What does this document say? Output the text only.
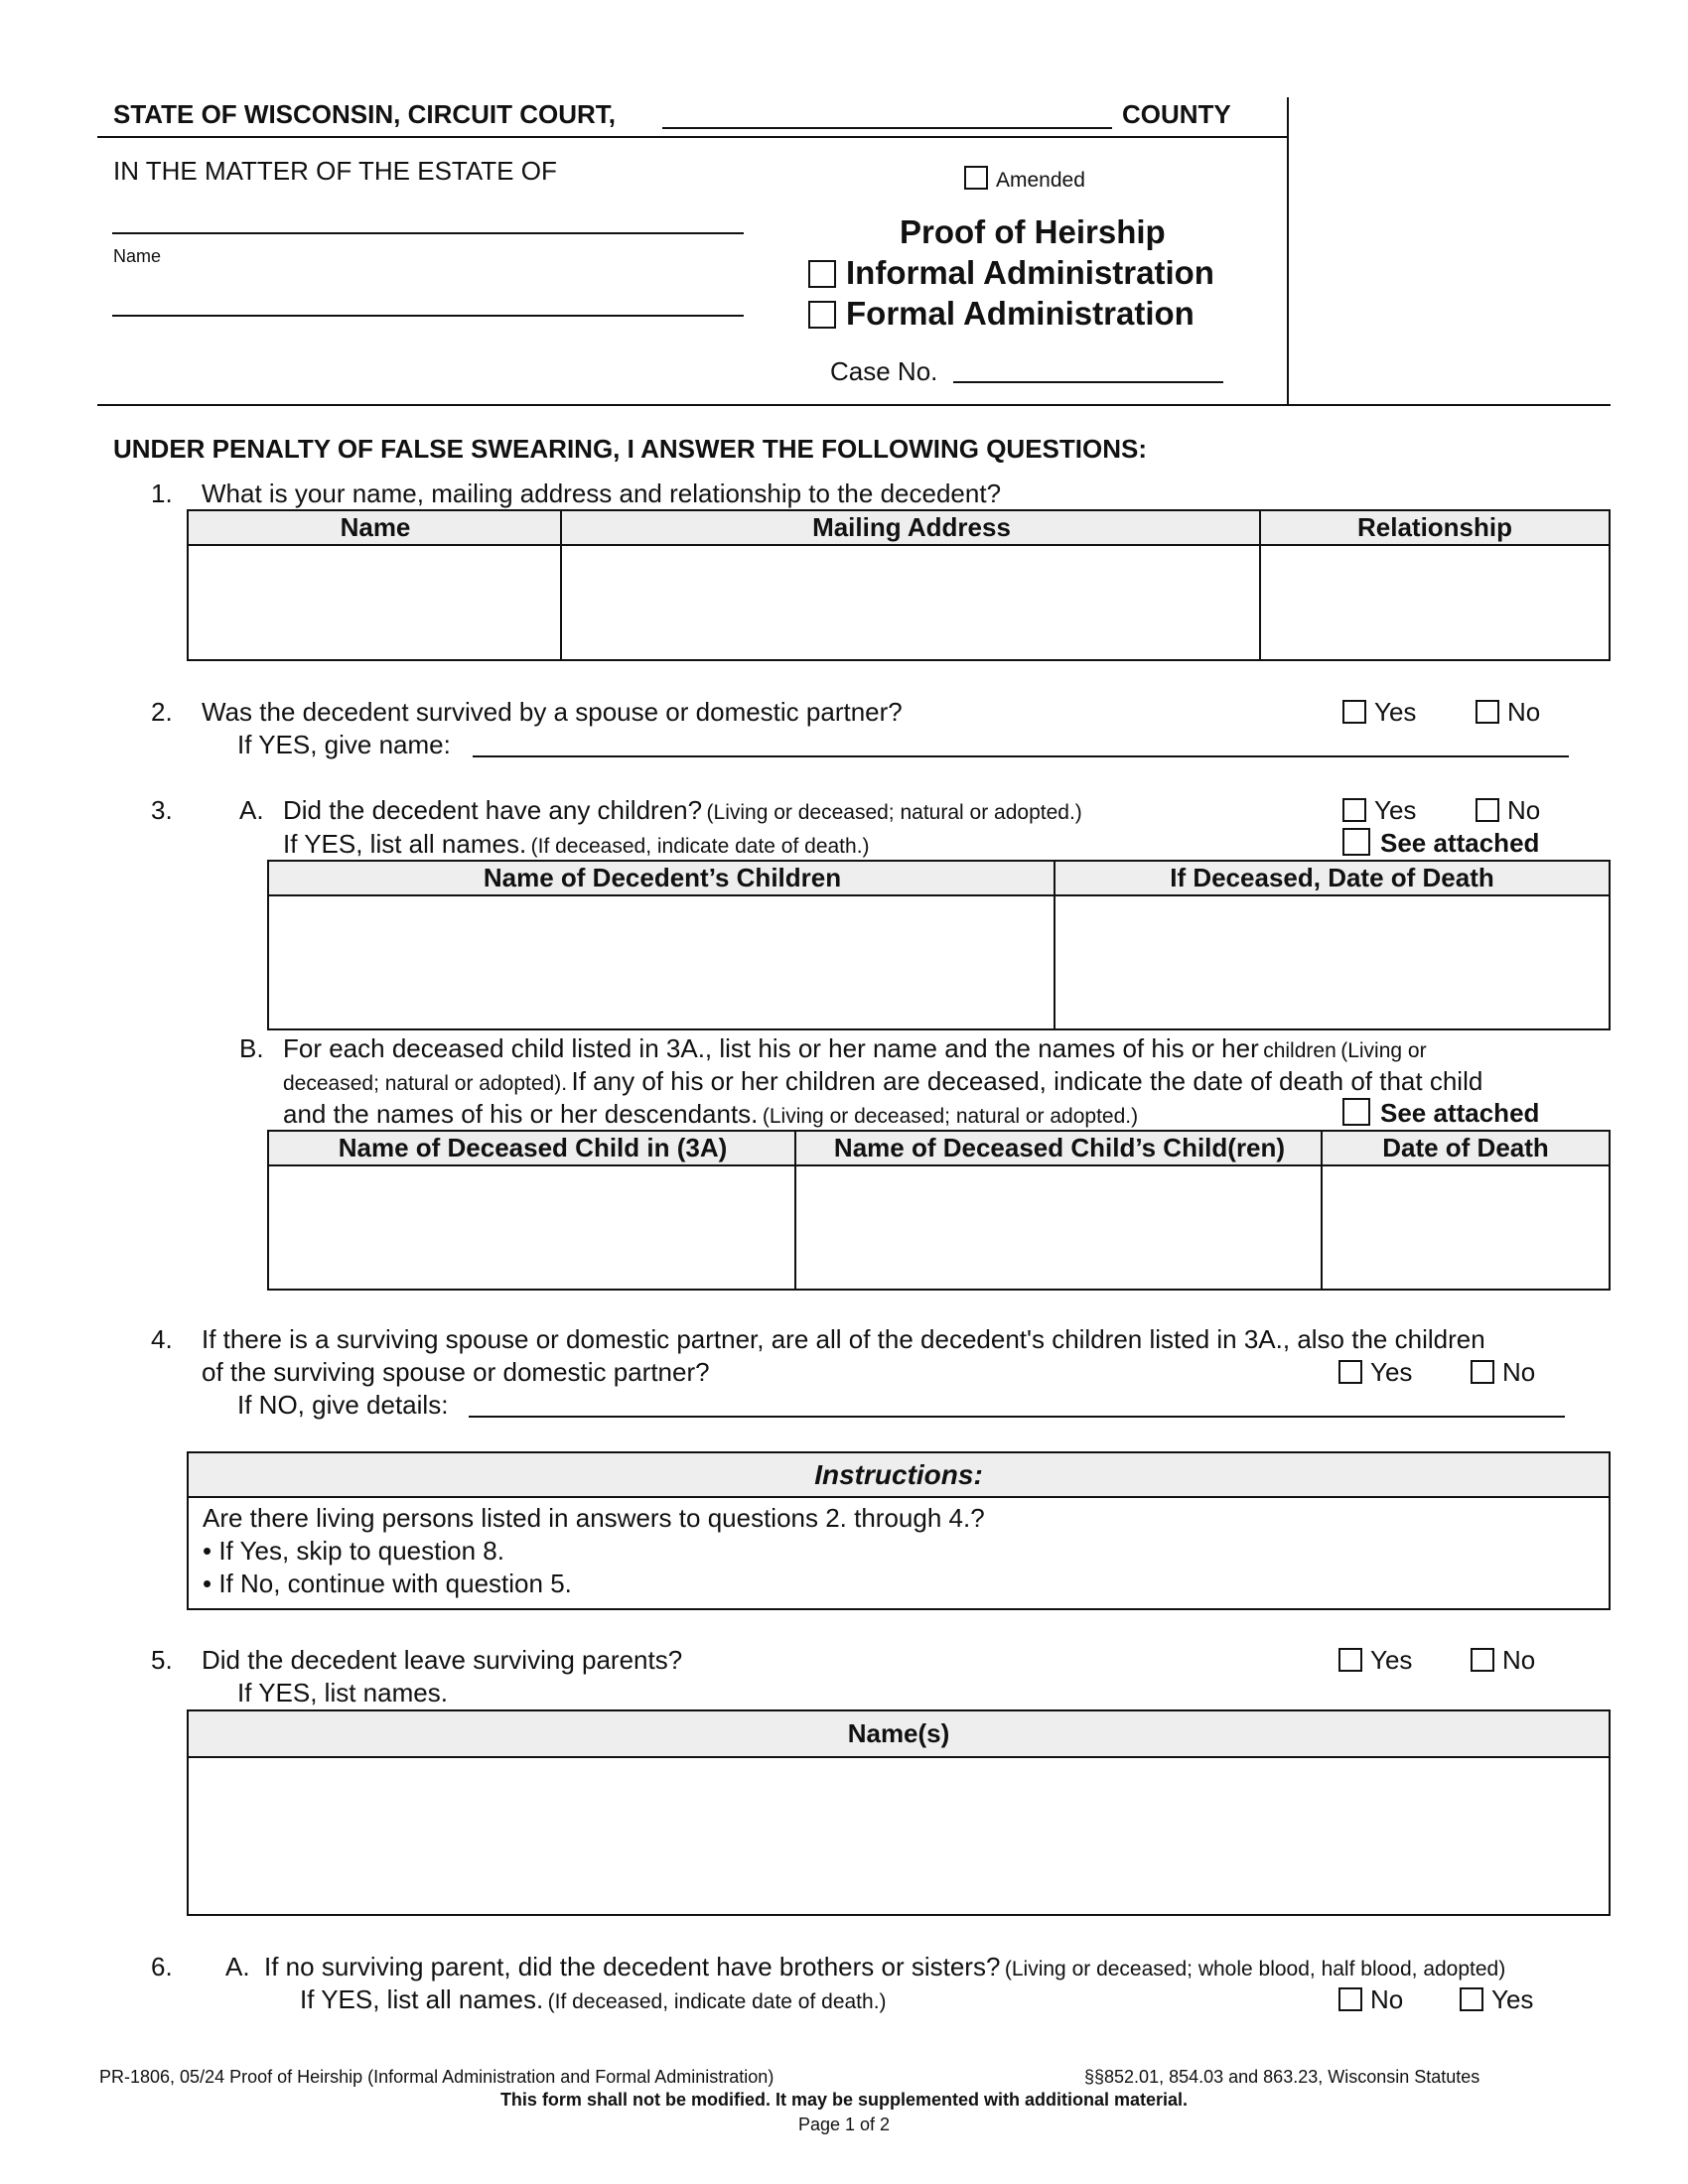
STATE OF WISCONSIN, CIRCUIT COURT,	COUNTY
IN THE MATTER OF THE ESTATE OF
Name
Amended
Proof of Heirship
Informal Administration
Formal Administration
Case No.
UNDER PENALTY OF FALSE SWEARING, I ANSWER THE FOLLOWING QUESTIONS:
1. What is your name, mailing address and relationship to the decedent?
Name	Mailing Address	Relationship
2. Was the decedent survived by a spouse or domestic partner?	Yes	No
If YES, give name:
3.	A. Did the decedent have any children? (Living or deceased; natural or adopted.)	Yes	No
If YES, list all names. (If deceased, indicate date of death.)	See attached
Name of Decedent’s Children	If Deceased, Date of Death
B. For each deceased child listed in 3A., list his or her name and the names of his or her children (Living or
deceased; natural or adopted). If any of his or her children are deceased, indicate the date of death of that child
and the names of his or her descendants. (Living or deceased; natural or adopted.)	See attached
Name of Deceased Child in (3A)	Name of Deceased Child’s Child(ren)	Date of Death
4. If there is a surviving spouse or domestic partner, are all of the decedent's children listed in 3A., also the children
of the surviving spouse or domestic partner?	Yes	No
If NO, give details:
Instructions:
Are there living persons listed in answers to questions 2. through 4.?
• If Yes, skip to question 8.
• If No, continue with question 5.
5. Did the decedent leave surviving parents?	Yes	No
If YES, list names.
Name(s)
6. A. If no surviving parent, did the decedent have brothers or sisters? (Living or deceased; whole blood, half blood, adopted)
If YES, list all names. (If deceased, indicate date of death.)	No	Yes
PR-1806, 05/24 Proof of Heirship (Informal Administration and Formal Administration)	§§852.01, 854.03 and 863.23, Wisconsin Statutes
This form shall not be modified. It may be supplemented with additional material.
Page 1 of 2
